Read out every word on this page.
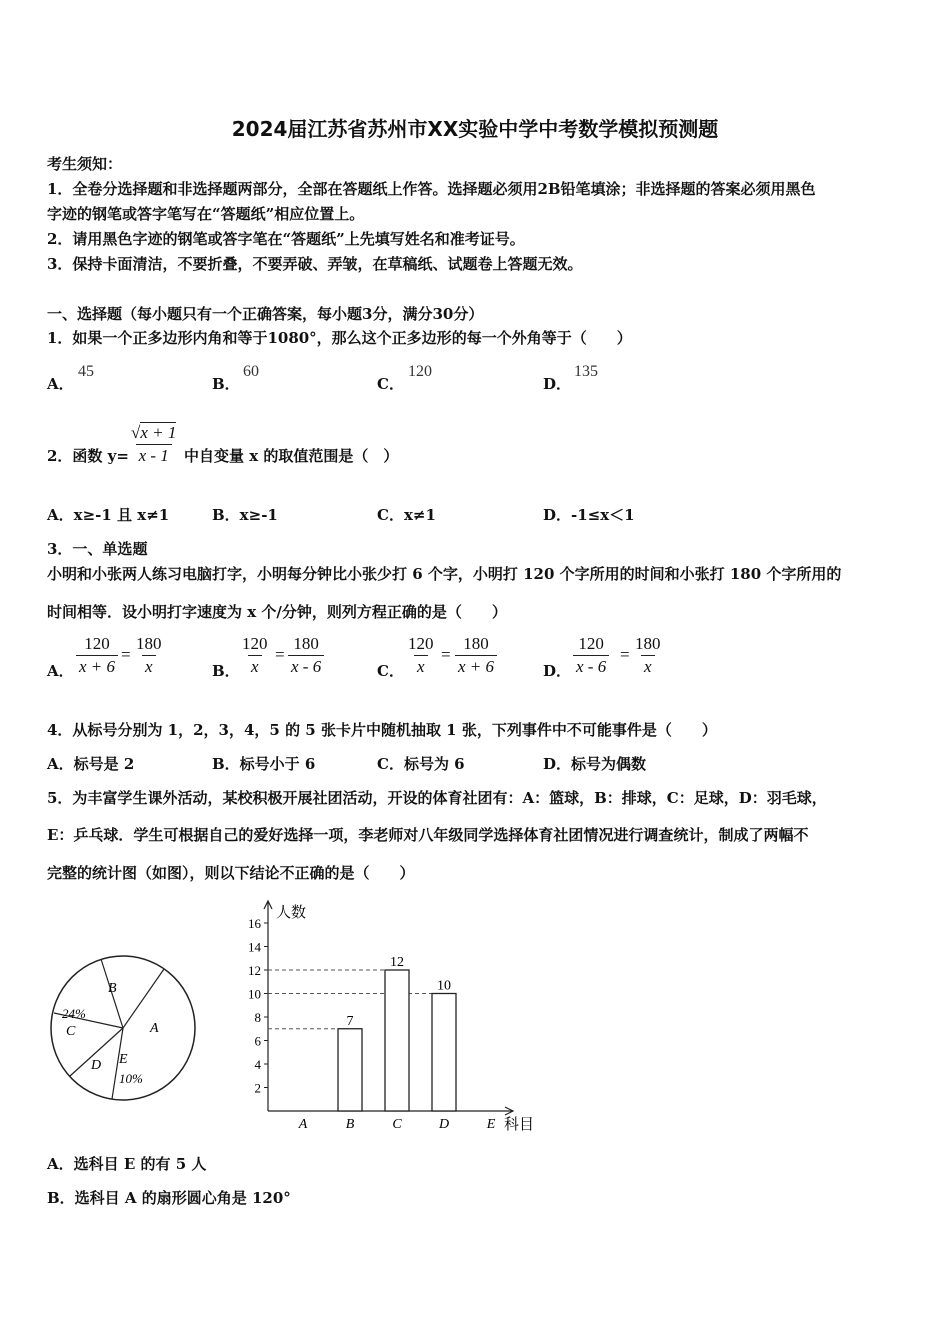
2024届江苏省苏州市XX实验中学中考数学模拟预测题
考生须知：
1．全卷分选择题和非选择题两部分，全部在答题纸上作答。选择题必须用2B铅笔填涂；非选择题的答案必须用黑色
字迹的钢笔或答字笔写在“答题纸”相应位置上。
2．请用黑色字迹的钢笔或答字笔在“答题纸”上先填写姓名和准考证号。
3．保持卡面清洁，不要折叠，不要弄破、弄皱，在草稿纸、试题卷上答题无效。
一、选择题（每小题只有一个正确答案，每小题3分，满分30分）
1．如果一个正多边形内角和等于1080°，那么这个正多边形的每一个外角等于（　　）
A．
45
B．
60
C．
120
D．
135
2．函数 $y= \frac{√x + 1}{x - 1}$ 中自变量 x 的取值范围是（　）
A．x≥-1 且 x≠1	B．x≥-1	C．x≠1	D．-1≤x＜1
3．一、单选题
小明和小张两人练习电脑打字，小明每分钟比小张少打 6 个字，小明打 120 个字所用的时间和小张打 180 个字所用的
时间相等．设小明打字速度为 x 个/分钟，则列方程正确的是（　　）
A． $\frac{120}{x + 6} = \frac{180}{x}$	B． $\frac{120}{x} = \frac{180}{x - 6}$	C． $\frac{120}{x} = \frac{180}{x + 6}$	D． $\frac{120}{x - 6} = \frac{180}{x}$
4．从标号分别为 1，2，3，4，5 的 5 张卡片中随机抽取 1 张，下列事件中不可能事件是（　　）
A．标号是 2	B．标号小于 6	C．标号为 6	D．标号为偶数
5．为丰富学生课外活动，某校积极开展社团活动，开设的体育社团有：A：篮球，B：排球，C：足球，D：羽毛球，
E：乒乓球．学生可根据自己的爱好选择一项，李老师对八年级同学选择体育社团情况进行调查统计，制成了两幅不
完整的统计图（如图），则以下结论不正确的是（　　）
B
A
24%
C
D E
10%
人数
科目
2
4
6
8
10
12
14
16
A	B
7
C
12
D
10
E
A．选科目 E 的有 5 人
B．选科目 A 的扇形圆心角是 120°
